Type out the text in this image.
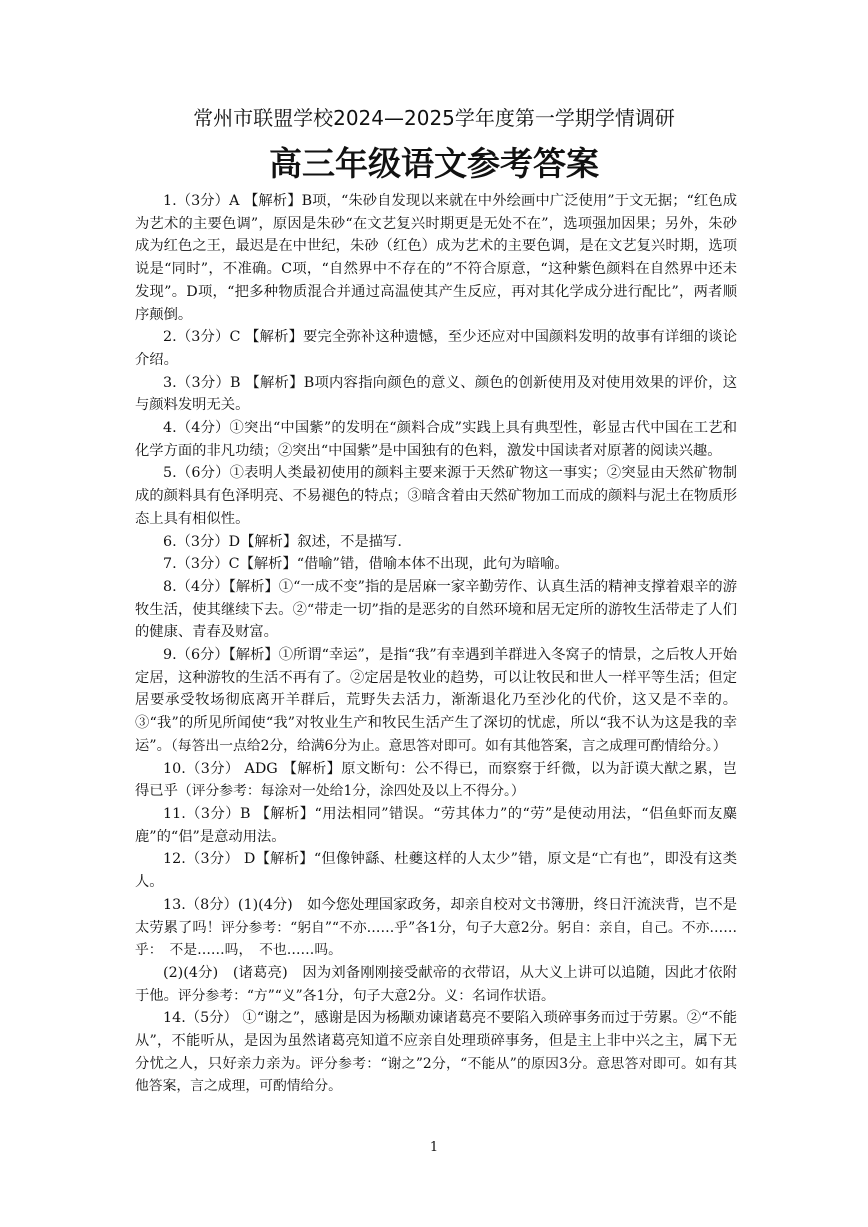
常州市联盟学校2024—2025学年度第一学期学情调研
高三年级语文参考答案

1.（3分）A 【解析】B项，“朱砂自发现以来就在中外绘画中广泛使用”于文无据；“红色成为艺术的主要色调”，原因是朱砂“在文艺复兴时期更是无处不在”，选项强加因果；另外，朱砂成为红色之王，最迟是在中世纪，朱砂（红色）成为艺术的主要色调，是在文艺复兴时期，选项说是“同时”，不准确。C项，“自然界中不存在的”不符合原意，“这种紫色颜料在自然界中还未发现”。D项，“把多种物质混合并通过高温使其产生反应，再对其化学成分进行配比”，两者顺序颠倒。

2.（3分）C 【解析】要完全弥补这种遗憾，至少还应对中国颜料发明的故事有详细的谈论介绍。

3.（3分）B 【解析】B项内容指向颜色的意义、颜色的创新使用及对使用效果的评价，这与颜料发明无关。

4.（4分）①突出“中国紫”的发明在“颜料合成”实践上具有典型性，彰显古代中国在工艺和化学方面的非凡功绩；②突出“中国紫”是中国独有的色料，激发中国读者对原著的阅读兴趣。

5.（6分）①表明人类最初使用的颜料主要来源于天然矿物这一事实；②突显由天然矿物制成的颜料具有色泽明亮、不易褪色的特点；③暗含着由天然矿物加工而成的颜料与泥土在物质形态上具有相似性。

6.（3分）D【解析】叙述，不是描写.

7.（3分）C【解析】“借喻”错，借喻本体不出现，此句为暗喻。

8.（4分）【解析】①“一成不变”指的是居麻一家辛勤劳作、认真生活的精神支撑着艰辛的游牧生活，使其继续下去。②“带走一切”指的是恶劣的自然环境和居无定所的游牧生活带走了人们的健康、青春及财富。

9.（6分）【解析】①所谓“幸运”，是指“我”有幸遇到羊群进入冬窝子的情景，之后牧人开始定居，这种游牧的生活不再有了。②定居是牧业的趋势，可以让牧民和世人一样平等生活；但定居要承受牧场彻底离开羊群后，荒野失去活力，渐渐退化乃至沙化的代价，这又是不幸的。③“我”的所见所闻使“我”对牧业生产和牧民生活产生了深切的忧虑，所以“我不认为这是我的幸运”。（每答出一点给2分，给满6分为止。意思答对即可。如有其他答案，言之成理可酌情给分。）

10.（3分） ADG 【解析】原文断句：公不得已，而察察于纤微，以为訏谟大猷之累，岂得已乎（评分参考：每涂对一处给1分，涂四处及以上不得分。）

11.（3分）B 【解析】“用法相同”错误。“劳其体力”的“劳”是使动用法，“侣鱼虾而友麋鹿”的“侣”是意动用法。

12.（3分） D【解析】“但像钟繇、杜夔这样的人太少”错，原文是“亡有也”，即没有这类人。

13.（8分）(1)(4分)　如今您处理国家政务，却亲自校对文书簿册，终日汗流浃背，岂不是太劳累了吗！评分参考：“躬自”“不亦……乎”各1分，句子大意2分。躬自：亲自，自己。不亦……乎：　不是……吗，　不也……吗。

(2)(4分)　(诸葛亮)　因为刘备刚刚接受献帝的衣带诏，从大义上讲可以追随，因此才依附于他。评分参考：“方”“义”各1分，句子大意2分。义：名词作状语。

14.（5分） ①“谢之”，感谢是因为杨颙劝谏诸葛亮不要陷入琐碎事务而过于劳累。②“不能从”，不能听从，是因为虽然诸葛亮知道不应亲自处理琐碎事务，但是主上非中兴之主，属下无分忧之人，只好亲力亲为。评分参考：“谢之”2分，“不能从”的原因3分。意思答对即可。如有其他答案，言之成理，可酌情给分。

1
